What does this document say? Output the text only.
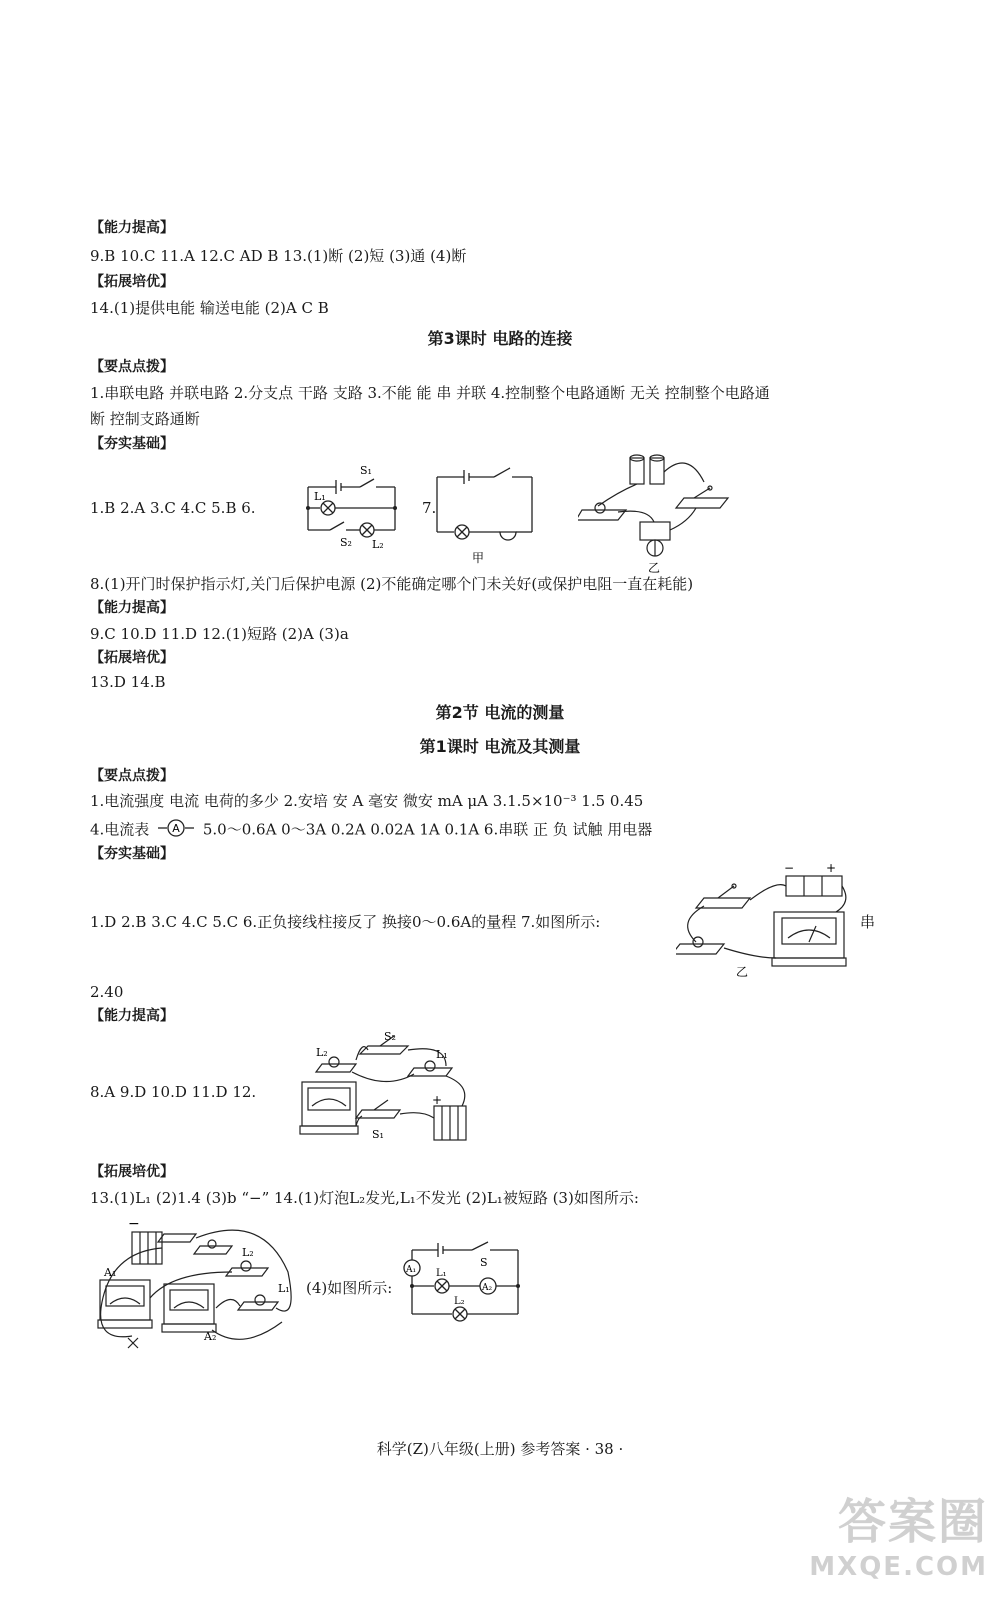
【能力提高】
9.B 10.C 11.A 12.C AD B 13.(1)断 (2)短 (3)通 (4)断
【拓展培优】
14.(1)提供电能 输送电能 (2)A C B
第3课时 电路的连接
【要点点拨】
1.串联电路 并联电路 2.分支点 干路 支路 3.不能 能 串 并联 4.控制整个电路通断 无关 控制整个电路通
断 控制支路通断
【夯实基础】
1.B 2.A 3.C 4.C 5.B 6.
S₁
L₁
S₂ L₂
7.
甲
乙
8.(1)开门时保护指示灯,关门后保护电源 (2)不能确定哪个门未关好(或保护电阻一直在耗能)
【能力提高】
9.C 10.D 11.D 12.(1)短路 (2)A (3)a
【拓展培优】
13.D 14.B
第2节 电流的测量
第1课时 电流及其测量
【要点点拨】
1.电流强度 电流 电荷的多少 2.安培 安 A 毫安 微安 mA μA 3.1.5×10⁻³ 1.5 0.45
4.电流表 A 5.0～0.6A 0～3A 0.2A 0.02A 1A 0.1A 6.串联 正 负 试触 用电器
【夯实基础】
1.D 2.B 3.C 4.C 5.C 6.正负接线柱接反了 换接0～0.6A的量程 7.如图所示:
−	+
乙
串
2.40
【能力提高】
8.A 9.D 10.D 11.D 12.
L₂
S₂
L₁
S₁
+
【拓展培优】
13.(1)L₁ (2)1.4 (3)b “−” 14.(1)灯泡L₂发光,L₁不发光 (2)L₁被短路 (3)如图所示:
−
A₁
L₂
L₁
A₂
(4)如图所示:
S
A₁ L₁
A₂
L₂
科学(Z)八年级(上册) 参考答案 · 38 ·
答案圈
MXQE.COM
